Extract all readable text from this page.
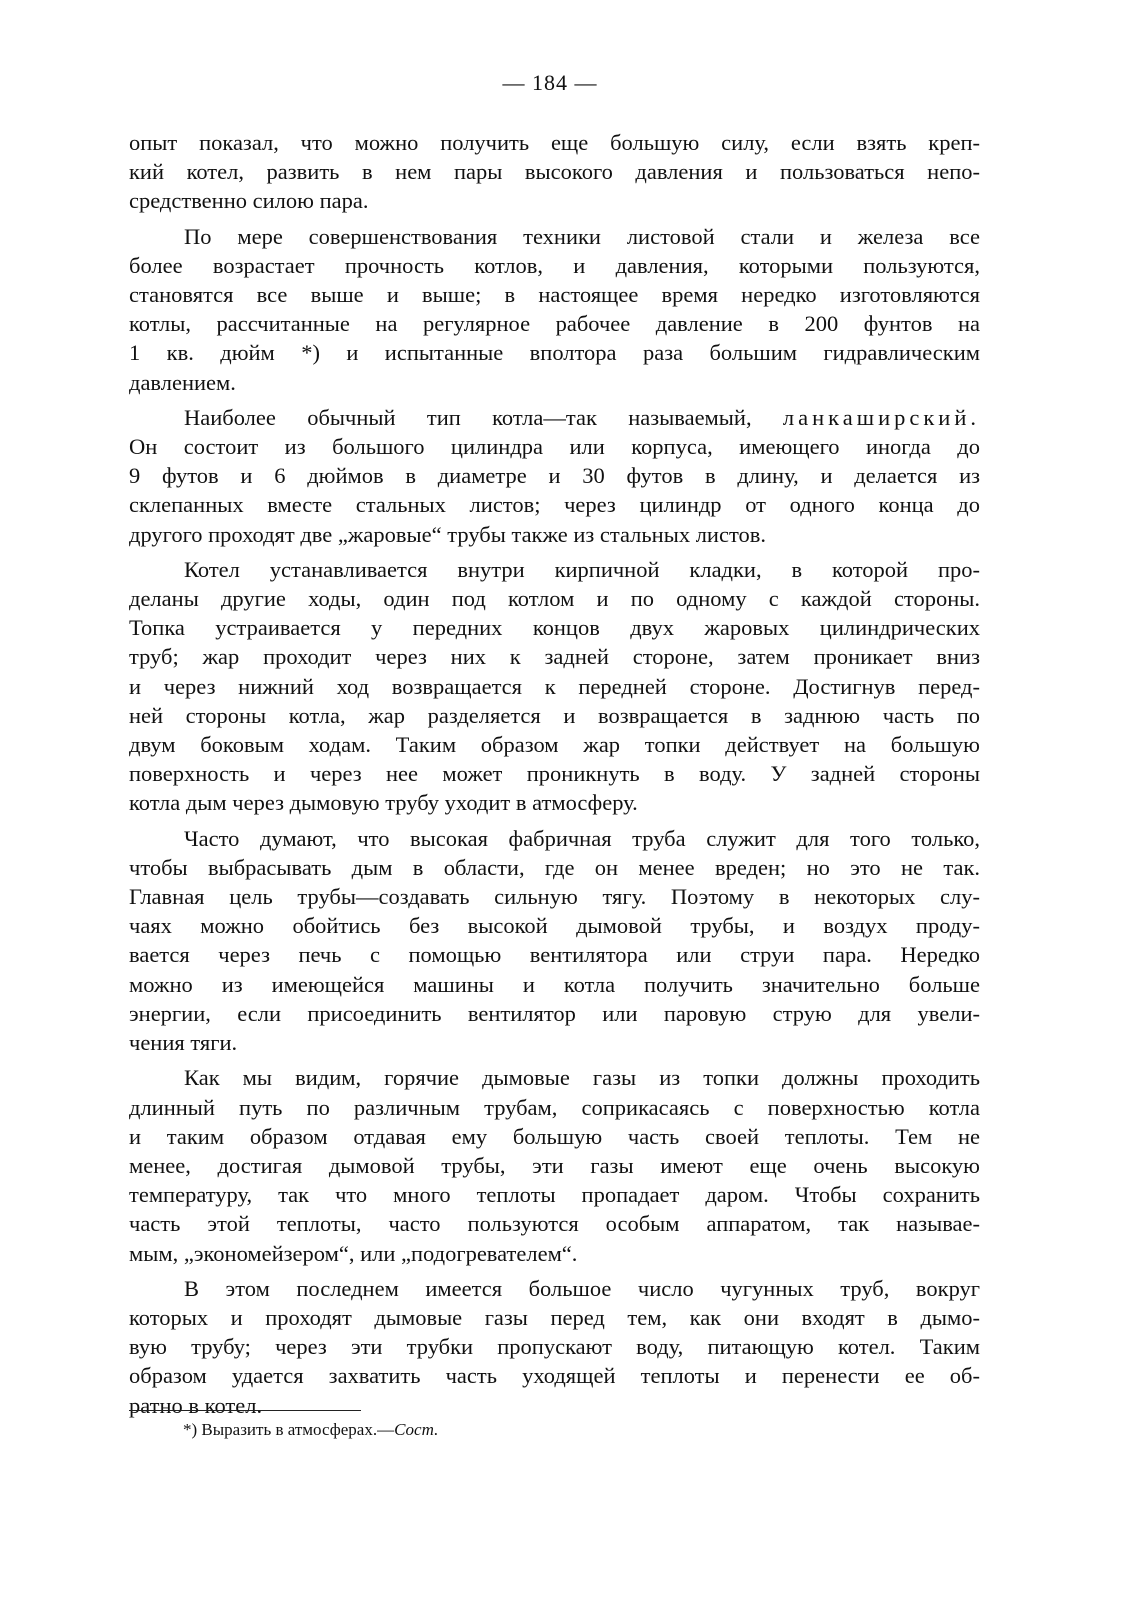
— 184 —

опыт показал, что можно получить еще большую силу, если взять креп-
кий котел, развить в нем пары высокого давления и пользоваться непо-
средственно силою пара.

По мере совершенствования техники листовой стали и железа все
более возрастает прочность котлов, и давления, которыми пользуются,
становятся все выше и выше; в настоящее время нередко изготовляются
котлы, рассчитанные на регулярное рабочее давление в 200 фунтов на
1 кв. дюйм *) и испытанные вполтора раза большим гидравлическим
давлением.

Наиболее обычный тип котла—так называемый, ланкаширский.
Он состоит из большого цилиндра или корпуса, имеющего иногда до
9 футов и 6 дюймов в диаметре и 30 футов в длину, и делается из
склепанных вместе стальных листов; через цилиндр от одного конца до
другого проходят две „жаровые“ трубы также из стальных листов.

Котел устанавливается внутри кирпичной кладки, в которой про-
деланы другие ходы, один под котлом и по одному с каждой стороны.
Топка устраивается у передних концов двух жаровых цилиндрических
труб; жар проходит через них к задней стороне, затем проникает вниз
и через нижний ход возвращается к передней стороне. Достигнув перед-
ней стороны котла, жар разделяется и возвращается в заднюю часть по
двум боковым ходам. Таким образом жар топки действует на большую
поверхность и через нее может проникнуть в воду. У задней стороны
котла дым через дымовую трубу уходит в атмосферу.

Часто думают, что высокая фабричная труба служит для того только,
чтобы выбрасывать дым в области, где он менее вреден; но это не так.
Главная цель трубы—создавать сильную тягу. Поэтому в некоторых слу-
чаях можно обойтись без высокой дымовой трубы, и воздух проду-
вается через печь с помощью вентилятора или струи пара. Нередко
можно из имеющейся машины и котла получить значительно больше
энергии, если присоединить вентилятор или паровую струю для увели-
чения тяги.

Как мы видим, горячие дымовые газы из топки должны проходить
длинный путь по различным трубам, соприкасаясь с поверхностью котла
и таким образом отдавая ему большую часть своей теплоты. Тем не
менее, достигая дымовой трубы, эти газы имеют еще очень высокую
температуру, так что много теплоты пропадает даром. Чтобы сохранить
часть этой теплоты, часто пользуются особым аппаратом, так называе-
мым, „экономейзером“, или „подогревателем“.

В этом последнем имеется большое число чугунных труб, вокруг
которых и проходят дымовые газы перед тем, как они входят в дымо-
вую трубу; через эти трубки пропускают воду, питающую котел. Таким
образом удается захватить часть уходящей теплоты и перенести ее об-
ратно в котел.

*) Выразить в атмосферах.—Сост.
